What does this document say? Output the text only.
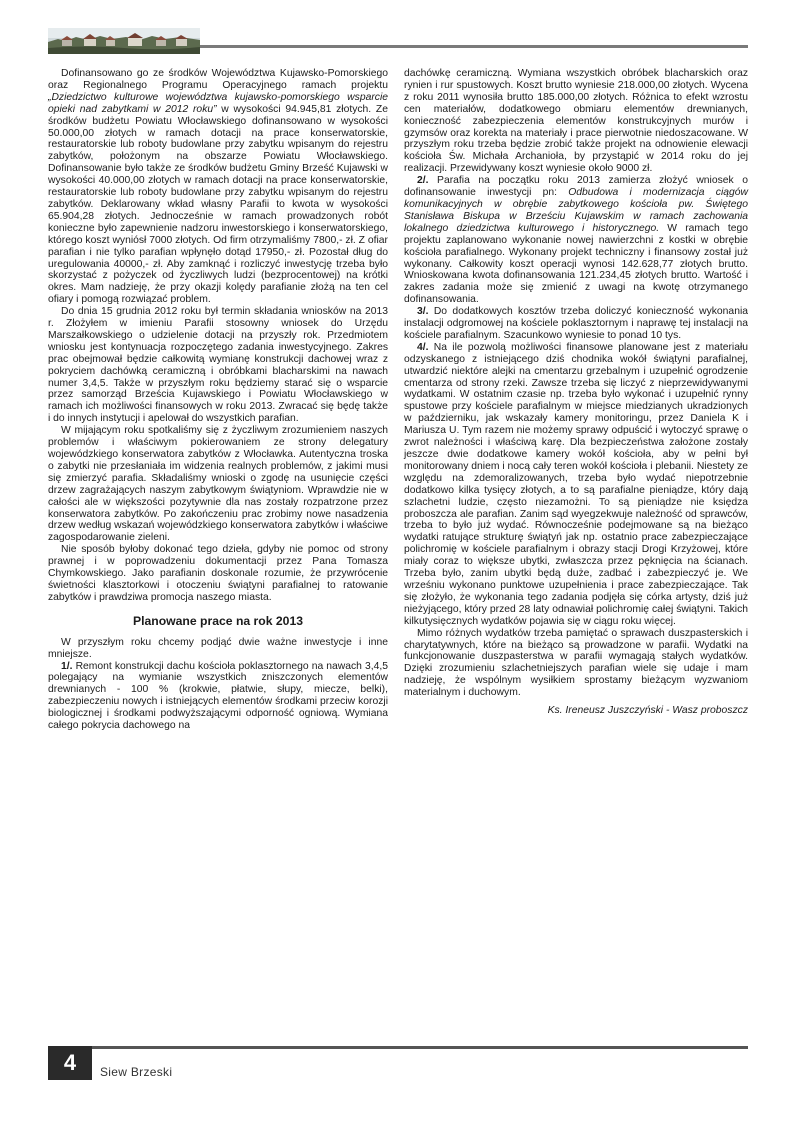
Dofinansowano go ze środków Województwa Kujawsko-Pomorskiego oraz Regionalnego Programu Operacyjnego ramach projektu „Dziedzictwo kulturowe województwa kujawsko-pomorskiego wsparcie opieki nad zabytkami w 2012 roku” w wysokości 94.945,81 złotych. Ze środków budżetu Powiatu Włocławskiego dofinansowano w wysokości 50.000,00 złotych w ramach dotacji na prace konserwatorskie, restauratorskie lub roboty budowlane przy zabytku wpisanym do rejestru zabytków, położonym na obszarze Powiatu Włocławskiego. Dofinansowanie było także ze środków budżetu Gminy Brześć Kujawski w wysokości 40.000,00 złotych w ramach dotacji na prace konserwatorskie, restauratorskie lub roboty budowlane przy zabytku wpisanym do rejestru zabytków. Deklarowany wkład własny Parafii to kwota w wysokości 65.904,28 złotych. Jednocześnie w ramach prowadzonych robót konieczne było zapewnienie nadzoru inwestorskiego i konserwatorskiego, którego koszt wyniósł 7000 złotych. Od firm otrzymaliśmy 7800,- zł. Z ofiar parafian i nie tylko parafian wpłynęło dotąd 17950,- zł. Pozostał dług do uregulowania 40000,- zł. Aby zamknąć i rozliczyć inwestycję trzeba było skorzystać z pożyczek od życzliwych ludzi (bezprocentowej) na krótki okres. Mam nadzieję, że przy okazji kolędy parafianie złożą na ten cel ofiary i pomogą rozwiązać problem.

Do dnia 15 grudnia 2012 roku był termin składania wniosków na 2013 r. Złożyłem w imieniu Parafii stosowny wniosek do Urzędu Marszałkowskiego o udzielenie dotacji na przyszły rok. Przedmiotem wniosku jest kontynuacja rozpoczętego zadania inwestycyjnego. Zakres prac obejmował będzie całkowitą wymianę konstrukcji dachowej wraz z pokryciem dachówką ceramiczną i obróbkami blacharskimi na nawach numer 3,4,5. Także w przyszłym roku będziemy starać się o wsparcie przez samorząd Brześcia Kujawskiego i Powiatu Włocławskiego w ramach ich możliwości finansowych w roku 2013. Zwracać się będę także i do innych instytucji i apelował do wszystkich parafian.

W mijającym roku spotkaliśmy się z życzliwym zrozumieniem naszych problemów i właściwym pokierowaniem ze strony delegatury wojewódzkiego konserwatora zabytków z Włocławka. Autentyczna troska o zabytki nie przesłaniała im widzenia realnych problemów, z jakimi musi się zmierzyć parafia. Składaliśmy wnioski o zgodę na usunięcie części drzew zagrażających naszym zabytkowym świątyniom. Wprawdzie nie w całości ale w większości pozytywnie dla nas zostały rozpatrzone przez konserwatora zabytków. Po zakończeniu prac zrobimy nowe nasadzenia drzew według wskazań wojewódzkiego konserwatora zabytków i właściwe zagospodarowanie zieleni.

Nie sposób byłoby dokonać tego dzieła, gdyby nie pomoc od strony prawnej i w poprowadzeniu dokumentacji przez Pana Tomasza Chymkowskiego. Jako parafianin doskonale rozumie, że przywrócenie świetności klasztorkowi i otoczeniu świątyni parafialnej to ratowanie zabytków i prawdziwa promocja naszego miasta.

Planowane prace na rok 2013

W przyszłym roku chcemy podjąć dwie ważne inwestycje i inne mniejsze.

1/. Remont konstrukcji dachu kościoła poklasztornego na nawach 3,4,5 polegający na wymianie wszystkich zniszczonych elementów drewnianych - 100 % (krokwie, płatwie, słupy, miecze, belki), zabezpieczeniu nowych i istniejących elementów środkami przeciw korozji biologicznej i środkami podwyższającymi odporność ogniową. Wymiana całego pokrycia dachowego na

dachówkę ceramiczną. Wymiana wszystkich obróbek blacharskich oraz rynien i rur spustowych. Koszt brutto wyniesie 218.000,00 złotych. Wycena z roku 2011 wynosiła brutto 185.000,00 złotych. Różnica to efekt wzrostu cen materiałów, dodatkowego obmiaru elementów drewnianych, konieczność zabezpieczenia elementów konstrukcyjnych murów i gzymsów oraz korekta na materiały i prace pierwotnie niedoszacowane. W przyszłym roku trzeba będzie zrobić także projekt na odnowienie elewacji kościoła Św. Michała Archanioła, by przystąpić w 2014 roku do jej realizacji. Przewidywany koszt wyniesie około 9000 zł.

2/. Parafia na początku roku 2013 zamierza złożyć wniosek o dofinansowanie inwestycji pn: Odbudowa i modernizacja ciągów komunikacyjnych w obrębie zabytkowego kościoła pw. Świętego Stanisława Biskupa w Brześciu Kujawskim w ramach zachowania lokalnego dziedzictwa kulturowego i historycznego. W ramach tego projektu zaplanowano wykonanie nowej nawierzchni z kostki w obrębie kościoła parafialnego. Wykonany projekt techniczny i finansowy został już wykonany. Całkowity koszt operacji wynosi 142.628,77 złotych brutto. Wnioskowana kwota dofinansowania 121.234,45 złotych brutto. Wartość i zakres zadania może się zmienić z uwagi na kwotę otrzymanego dofinansowania.

3/. Do dodatkowych kosztów trzeba doliczyć konieczność wykonania instalacji odgromowej na kościele poklasztornym i naprawę tej instalacji na kościele parafialnym. Szacunkowo wyniesie to ponad 10 tys.

4/. Na ile pozwolą możliwości finansowe planowane jest z materiału odzyskanego z istniejącego dziś chodnika wokół świątyni parafialnej, utwardzić niektóre alejki na cmentarzu grzebalnym i uzupełnić ogrodzenie cmentarza od strony rzeki. Zawsze trzeba się liczyć z nieprzewidywanymi wydatkami. W ostatnim czasie np. trzeba było wykonać i uzupełnić rynny spustowe przy kościele parafialnym w miejsce miedzianych ukradzionych w październiku, jak wskazały kamery monitoringu, przez Daniela K i Mariusza U. Tym razem nie możemy sprawy odpuścić i wytoczyć sprawę o zwrot należności i właściwą karę. Dla bezpieczeństwa założone zostały jeszcze dwie dodatkowe kamery wokół kościoła, aby w pełni był monitorowany dniem i nocą cały teren wokół kościoła i plebanii. Niestety ze względu na zdemoralizowanych, trzeba było wydać niepotrzebnie dodatkowo kilka tysięcy złotych, a to są parafialne pieniądze, który dają szlachetni ludzie, często niezamożni. To są pieniądze nie księdza proboszcza ale parafian. Zanim sąd wyegzekwuje należność od sprawców, trzeba to było już wydać. Równocześnie podejmowane są na bieżąco wydatki ratujące strukturę świątyń jak np. ostatnio prace zabezpieczające polichromię w kościele parafialnym i obrazy stacji Drogi Krzyżowej, które miały coraz to większe ubytki, zwłaszcza przez pęknięcia na ścianach. Trzeba było, zanim ubytki będą duże, zadbać i zabezpieczyć je. We wrześniu wykonano punktowe uzupełnienia i prace zabezpieczające. Tak się złożyło, że wykonania tego zadania podjęła się córka artysty, dziś już nieżyjącego, który przed 28 laty odnawiał polichromię całej świątyni. Takich kilkutysięcznych wydatków pojawia się w ciągu roku więcej.

Mimo różnych wydatków trzeba pamiętać o sprawach duszpasterskich i charytatywnych, które na bieżąco są prowadzone w parafii. Wydatki na funkcjonowanie duszpasterstwa w parafii wymagają stałych wydatków. Dzięki zrozumieniu szlachetniejszych parafian wiele się udaje i mam nadzieję, że wspólnym wysiłkiem sprostamy bieżącym wyzwaniom materialnym i duchowym.

Ks. Ireneusz Juszczyński - Wasz proboszcz

4	Siew Brzeski
